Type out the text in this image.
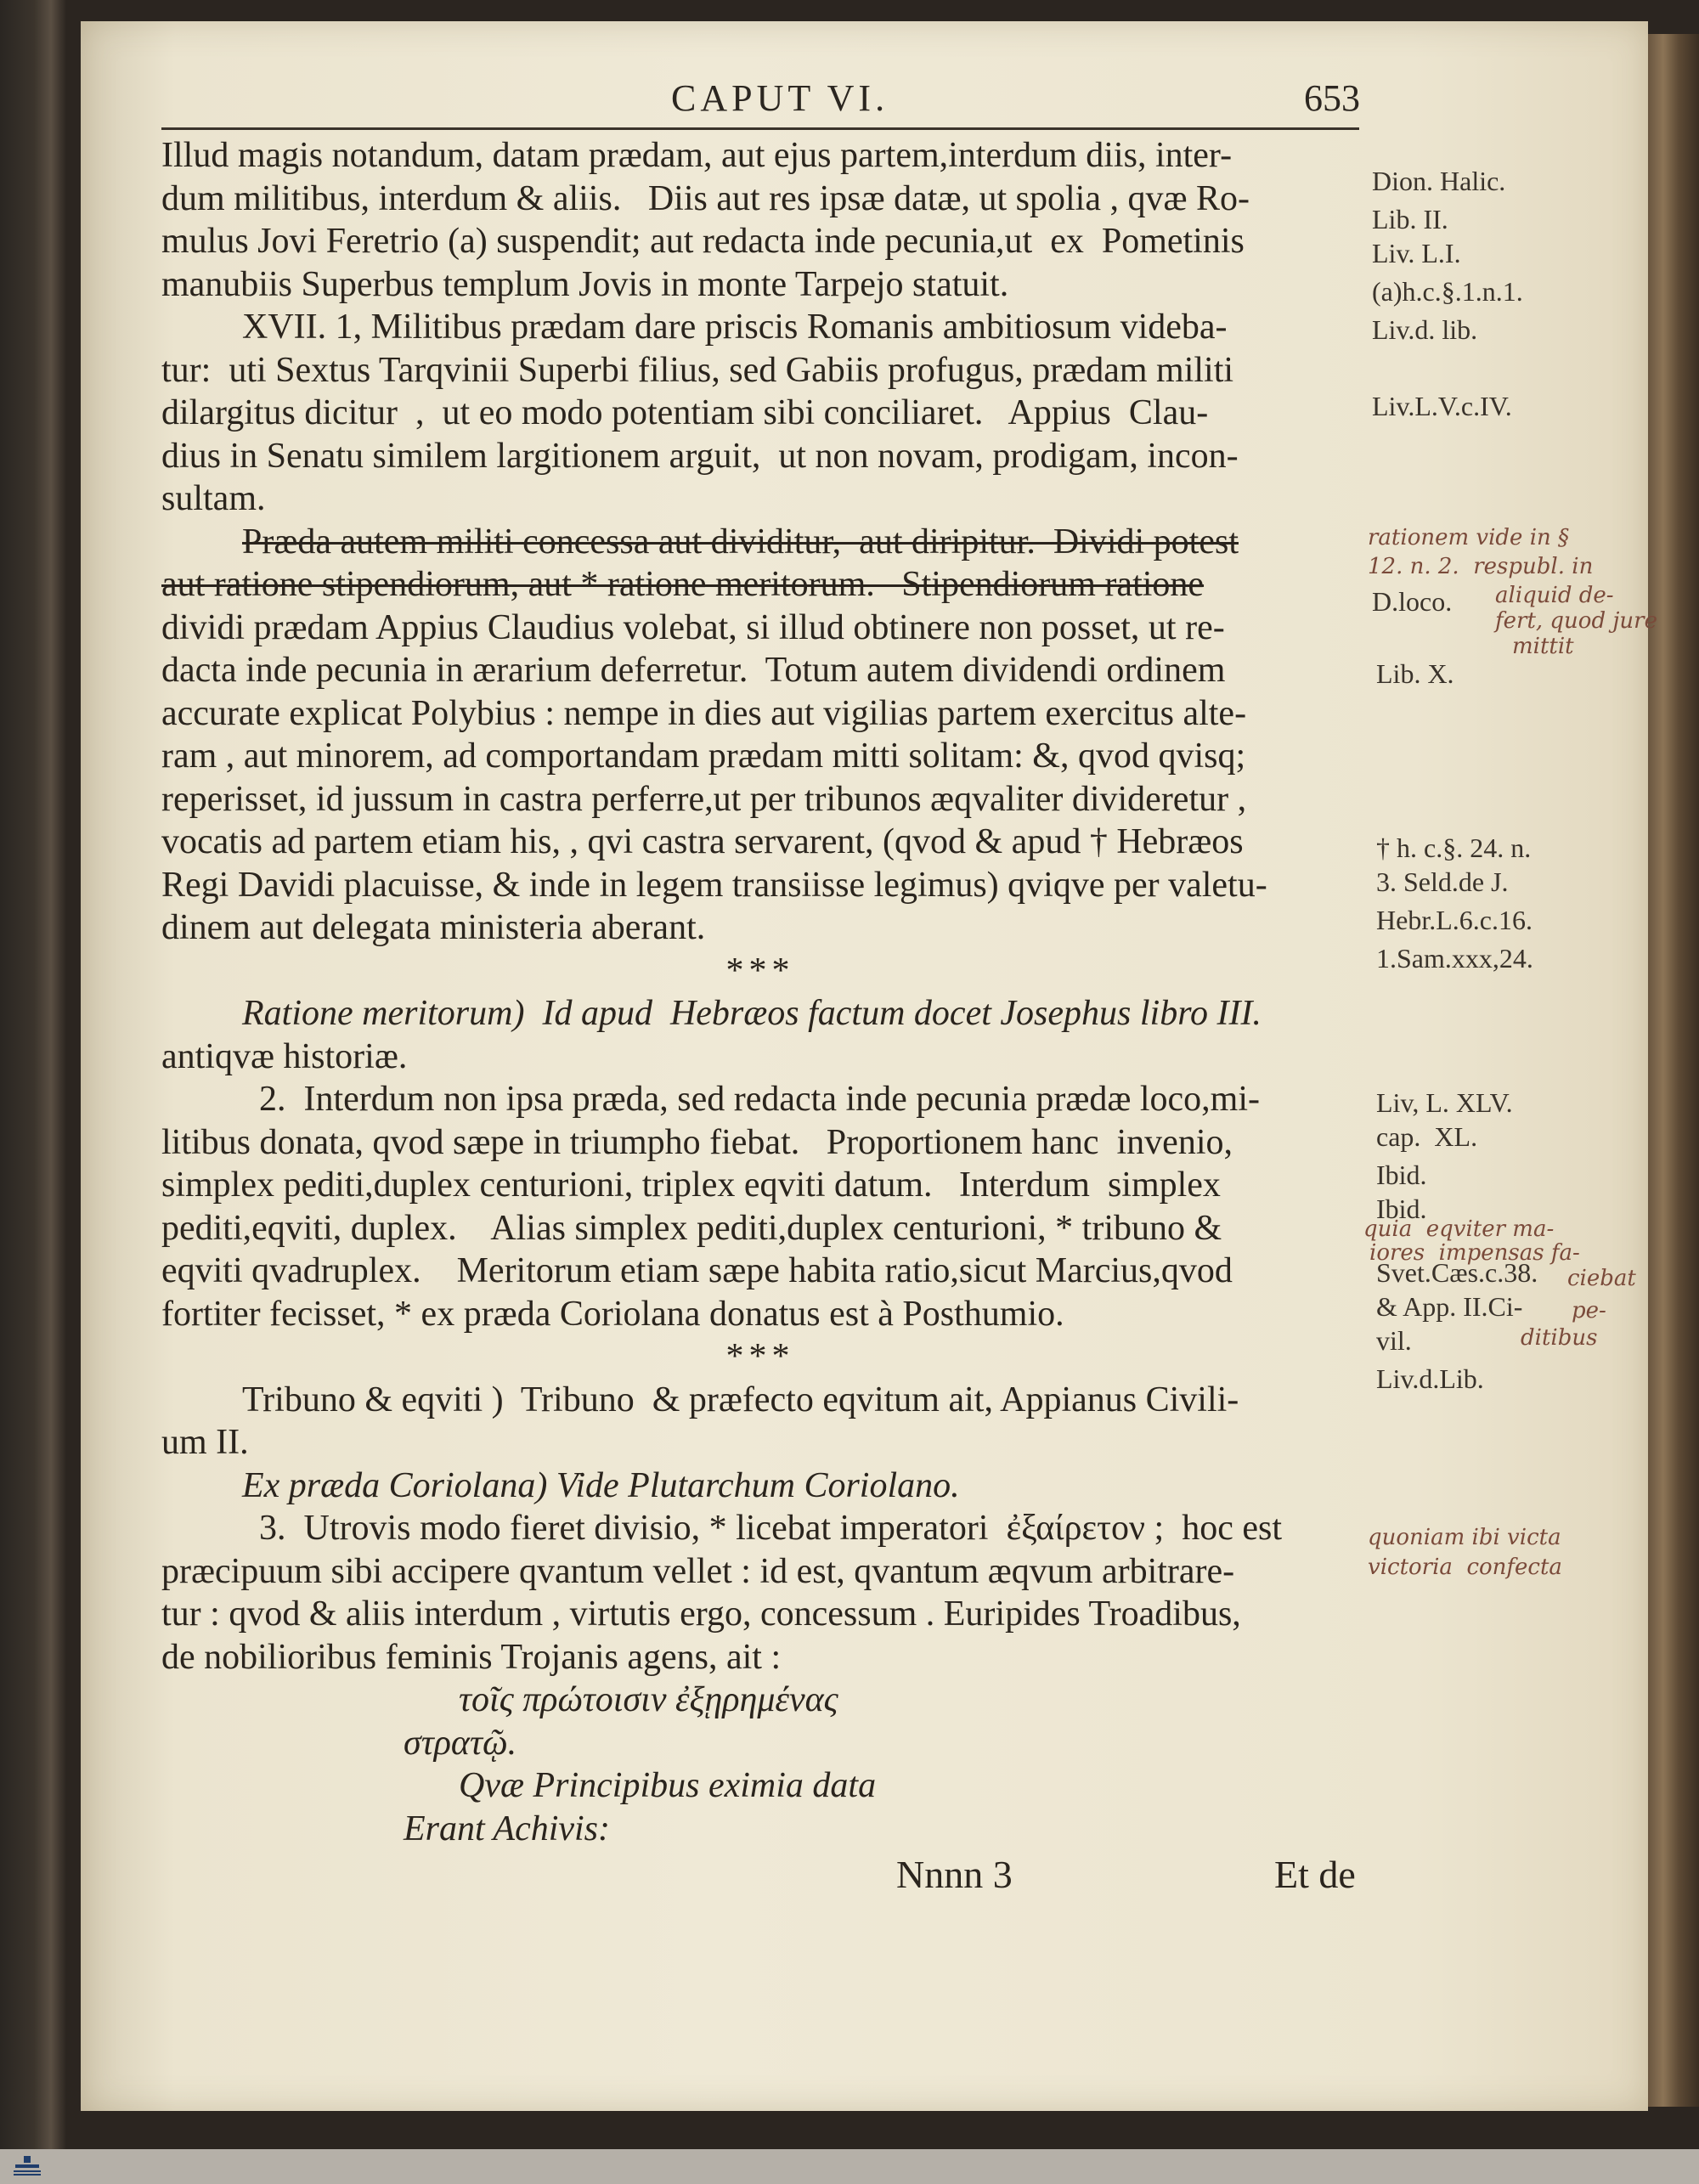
CAPUT VI.	653
Illud magis notandum, datam prædam, aut ejus partem,interdum diis, inter-
dum militibus, interdum & aliis.   Diis aut res ipsæ datæ, ut spolia , qvæ Ro-
mulus Jovi Feretrio (a) suspendit; aut redacta inde pecunia,ut  ex  Pometinis
manubiis Superbus templum Jovis in monte Tarpejo statuit.
XVII. 1, Militibus prædam dare priscis Romanis ambitiosum videba-
tur:  uti Sextus Tarqvinii Superbi filius, sed Gabiis profugus, prædam militi
dilargitus dicitur  ,  ut eo modo potentiam sibi conciliaret.   Appius  Clau-
dius in Senatu similem largitionem arguit,  ut non novam, prodigam, incon-
sultam.
Præda autem militi concessa aut dividitur,  aut diripitur.  Dividi potest
aut ratione stipendiorum, aut * ratione meritorum.   Stipendiorum ratione
dividi prædam Appius Claudius volebat, si illud obtinere non posset, ut re-
dacta inde pecunia in ærarium deferretur.  Totum autem dividendi ordinem
accurate explicat Polybius : nempe in dies aut vigilias partem exercitus alte-
ram , aut minorem, ad comportandam prædam mitti solitam: &, qvod qvisq;
reperisset, id jussum in castra perferre,ut per tribunos æqvaliter divideretur ,
vocatis ad partem etiam his, , qvi castra servarent, (qvod & apud † Hebræos
Regi Davidi placuisse, & inde in legem transiisse legimus) qviqve per valetu-
dinem aut delegata ministeria aberant.
***
Ratione meritorum)  Id apud  Hebræos factum docet Josephus libro III.
antiqvæ historiæ.
2.  Interdum non ipsa præda, sed redacta inde pecunia prædæ loco,mi-
litibus donata, qvod sæpe in triumpho fiebat.   Proportionem hanc  invenio,
simplex pediti,duplex centurioni, triplex eqviti datum.   Interdum  simplex
pediti,eqviti, duplex.    Alias simplex pediti,duplex centurioni, * tribuno &
eqviti qvadruplex.    Meritorum etiam sæpe habita ratio,sicut Marcius,qvod
fortiter fecisset, * ex præda Coriolana donatus est à Posthumio.
***
Tribuno & eqviti )  Tribuno  & præfecto eqvitum ait, Appianus Civili-
um II.
Ex præda Coriolana) Vide Plutarchum Coriolano.
3.  Utrovis modo fieret divisio, * licebat imperatori  ἐξαίρετον ;  hoc est
præcipuum sibi accipere qvantum vellet : id est, qvantum æqvum arbitrare-
tur : qvod & aliis interdum , virtutis ergo, concessum . Euripides Troadibus,
de nobilioribus feminis Trojanis agens, ait :
τοῖς πρώτοισιν ἐξῃρημένας
στρατῷ.
Qvæ Principibus eximia data
Erant Achivis:
Dion. Halic.
Lib. II.
Liv. L.I.
(a)h.c.§.1.n.1.
Liv.d. lib.
Liv.L.V.c.IV.
D.loco.
Lib. X.
† h. c.§. 24. n.
3. Seld.de J.
Hebr.L.6.c.16.
1.Sam.xxx,24.
Liv, L. XLV.
cap.  XL.
Ibid.
Ibid.
Svet.Cæs.c.38.
& App. II.Ci-
vil.
Liv.d.Lib.
rationem vide in §
12. n. 2.  respubl. in
aliquid de-
fert, quod jure
mittit
quia  eqviter ma-
iores  impensas fa-
ciebat
pe-
ditibus
quoniam ibi victa
victoria  confecta
Nnnn 3	Et de
